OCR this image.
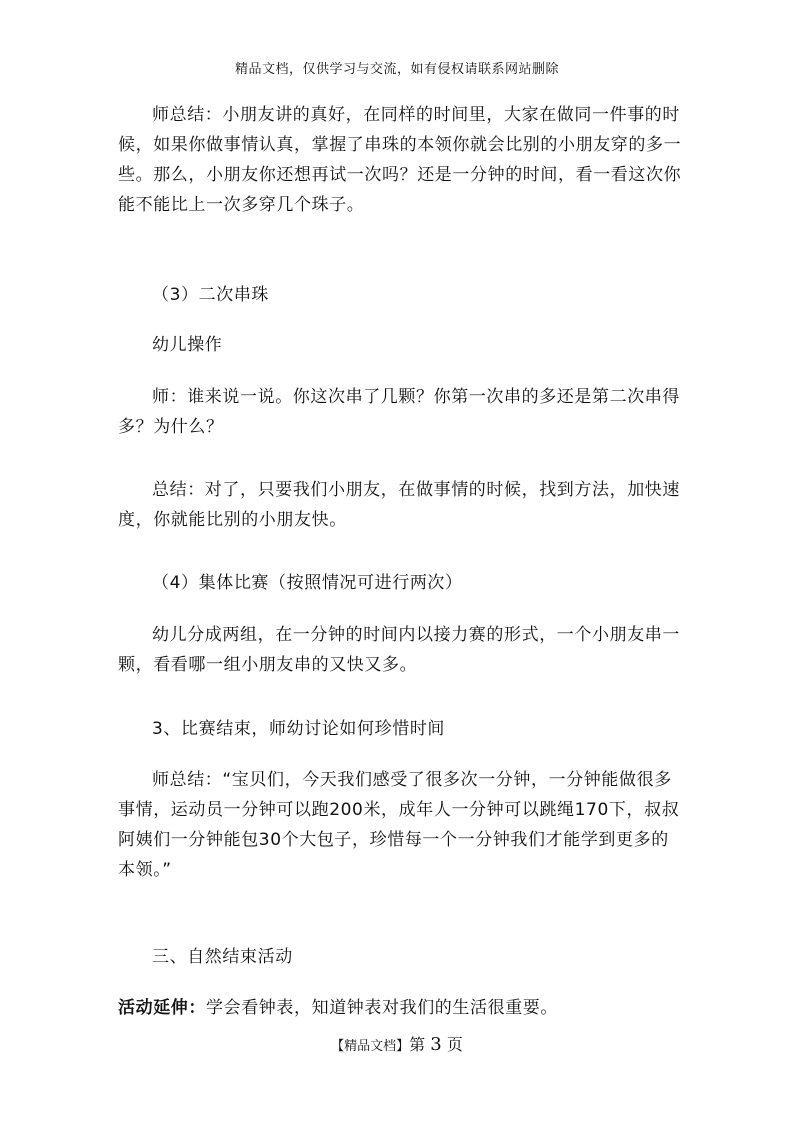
精品文档，仅供学习与交流，如有侵权请联系网站删除
师总结：小朋友讲的真好，在同样的时间里，大家在做同一件事的时候，如果你做事情认真，掌握了串珠的本领你就会比别的小朋友穿的多一些。那么，小朋友你还想再试一次吗？还是一分钟的时间，看一看这次你能不能比上一次多穿几个珠子。
（3）二次串珠
幼儿操作
师：谁来说一说。你这次串了几颗？你第一次串的多还是第二次串得多？为什么？
总结：对了，只要我们小朋友，在做事情的时候，找到方法，加快速度，你就能比别的小朋友快。
（4）集体比赛（按照情况可进行两次）
幼儿分成两组，在一分钟的时间内以接力赛的形式，一个小朋友串一颗，看看哪一组小朋友串的又快又多。
3、比赛结束，师幼讨论如何珍惜时间
师总结：“宝贝们，今天我们感受了很多次一分钟，一分钟能做很多事情，运动员一分钟可以跑200米，成年人一分钟可以跳绳170下，叔叔阿姨们一分钟能包30个大包子，珍惜每一个一分钟我们才能学到更多的本领。”
三、自然结束活动
活动延伸：学会看钟表，知道钟表对我们的生活很重要。
【精品文档】第 3 页
